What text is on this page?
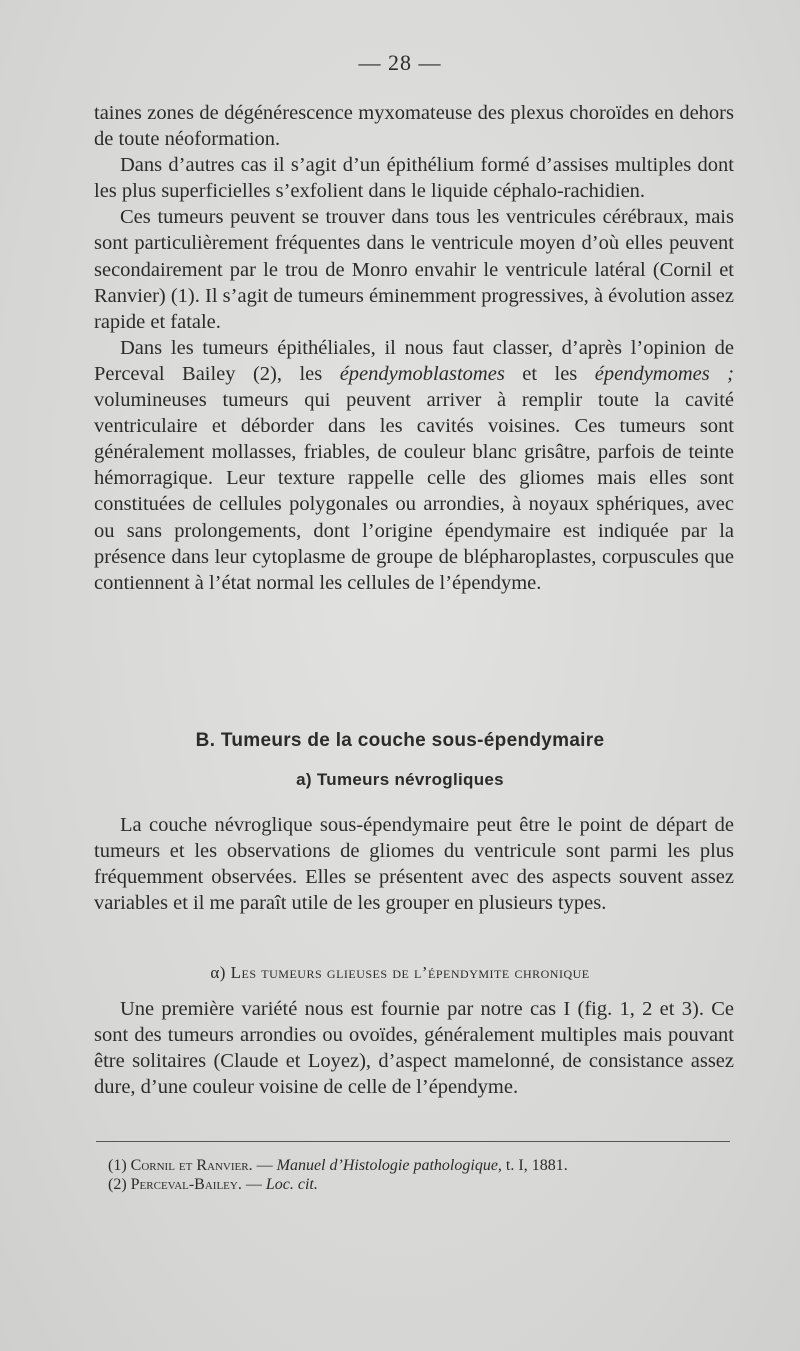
— 28 —

taines zones de dégénérescence myxomateuse des plexus choroïdes en dehors de toute néoformation.

Dans d’autres cas il s’agit d’un épithélium formé d’assises multiples dont les plus superficielles s’exfolient dans le liquide céphalo-rachidien.

Ces tumeurs peuvent se trouver dans tous les ventricules cérébraux, mais sont particulièrement fréquentes dans le ventricule moyen d’où elles peuvent secondairement par le trou de Monro envahir le ventricule latéral (Cornil et Ranvier) (1). Il s’agit de tumeurs éminemment progressives, à évolution assez rapide et fatale.

Dans les tumeurs épithéliales, il nous faut classer, d’après l’opinion de Perceval Bailey (2), les épendymoblastomes et les épendymomes ; volumineuses tumeurs qui peuvent arriver à remplir toute la cavité ventriculaire et déborder dans les cavités voisines. Ces tumeurs sont généralement mollasses, friables, de couleur blanc grisâtre, parfois de teinte hémorragique. Leur texture rappelle celle des gliomes mais elles sont constituées de cellules polygonales ou arrondies, à noyaux sphériques, avec ou sans prolongements, dont l’origine épendymaire est indiquée par la présence dans leur cytoplasme de groupe de blépharoplastes, corpuscules que contiennent à l’état normal les cellules de l’épendyme.

B. Tumeurs de la couche sous-épendymaire
a) Tumeurs névrogliques

La couche névroglique sous-épendymaire peut être le point de départ de tumeurs et les observations de gliomes du ventricule sont parmi les plus fréquemment observées. Elles se présentent avec des aspects souvent assez variables et il me paraît utile de les grouper en plusieurs types.

α) Les tumeurs glieuses de l’épendymite chronique

Une première variété nous est fournie par notre cas I (fig. 1, 2 et 3). Ce sont des tumeurs arrondies ou ovoïdes, généralement multiples mais pouvant être solitaires (Claude et Loyez), d’aspect mamelonné, de consistance assez dure, d’une couleur voisine de celle de l’épendyme.

(1) Cornil et Ranvier. — Manuel d’Histologie pathologique, t. I, 1881.
(2) Perceval-Bailey. — Loc. cit.
